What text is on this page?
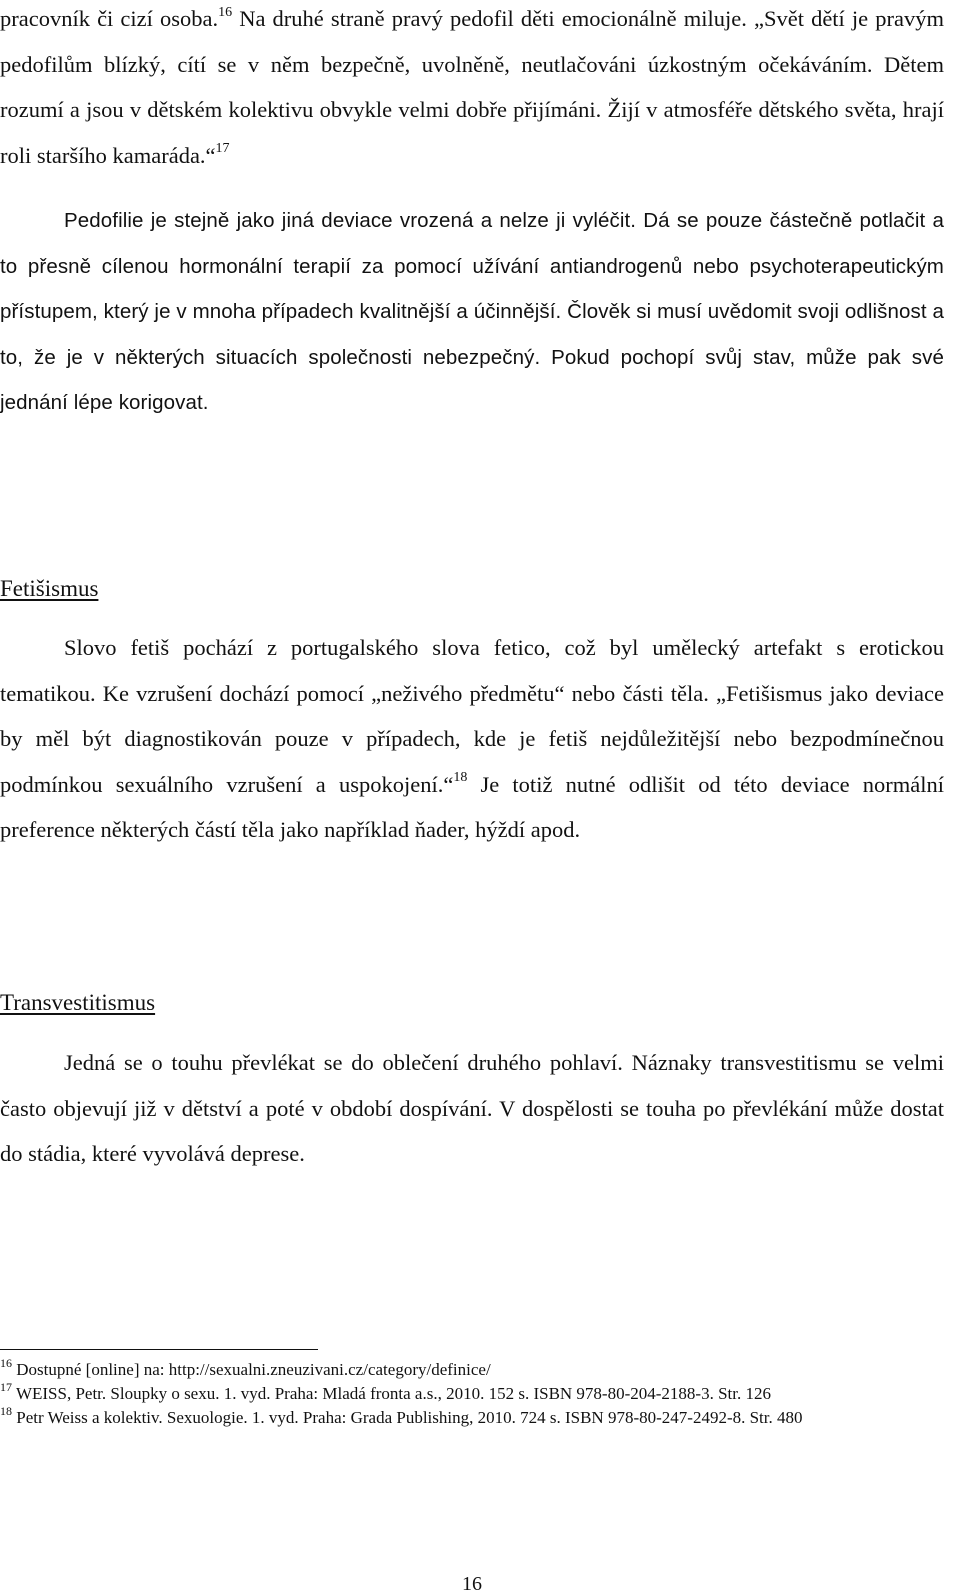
pracovník či cizí osoba.$^{16}$ Na druhé straně pravý pedofil děti emocionálně miluje. „Svět dětí je pravým pedofilům blízký, cítí se v něm bezpečně, uvolněně, neutlačováni úzkostným očekáváním. Dětem rozumí a jsou v dětském kolektivu obvykle velmi dobře přijímáni. Žijí v atmosféře dětského světa, hrají roli staršího kamaráda.“$^{17}$

Pedofilie je stejně jako jiná deviace vrozená a nelze ji vyléčit. Dá se pouze částečně potlačit a to přesně cílenou hormonální terapií za pomocí užívání antiandrogenů nebo psychoterapeutickým přístupem, který je v mnoha případech kvalitnější a účinnější. Člověk si musí uvědomit svoji odlišnost a to, že je v některých situacích společnosti nebezpečný. Pokud pochopí svůj stav, může pak své jednání lépe korigovat.

Fetišismus

Slovo fetiš pochází z portugalského slova fetico, což byl umělecký artefakt s erotickou tematikou. Ke vzrušení dochází pomocí „neživého předmětu“ nebo části těla. „Fetišismus jako deviace by měl být diagnostikován pouze v případech, kde je fetiš nejdůležitější nebo bezpodmínečnou podmínkou sexuálního vzrušení a uspokojení.“$^{18}$ Je totiž nutné odlišit od této deviace normální preference některých částí těla jako například ňader, hýždí apod.

Transvestitismus

Jedná se o touhu převlékat se do oblečení druhého pohlaví. Náznaky transvestitismu se velmi často objevují již v dětství a poté v období dospívání. V dospělosti se touha po převlékání může dostat do stádia, které vyvolává deprese.

$^{16}$ Dostupné [online] na: http://sexualni.zneuzivani.cz/category/definice/

$^{17}$ WEISS, Petr. Sloupky o sexu. 1. vyd. Praha: Mladá fronta a.s., 2010. 152 s. ISBN 978-80-204-2188-3. Str. 126

$^{18}$ Petr Weiss a kolektiv. Sexuologie. 1. vyd. Praha: Grada Publishing, 2010. 724 s. ISBN 978-80-247-2492-8. Str. 480

16
